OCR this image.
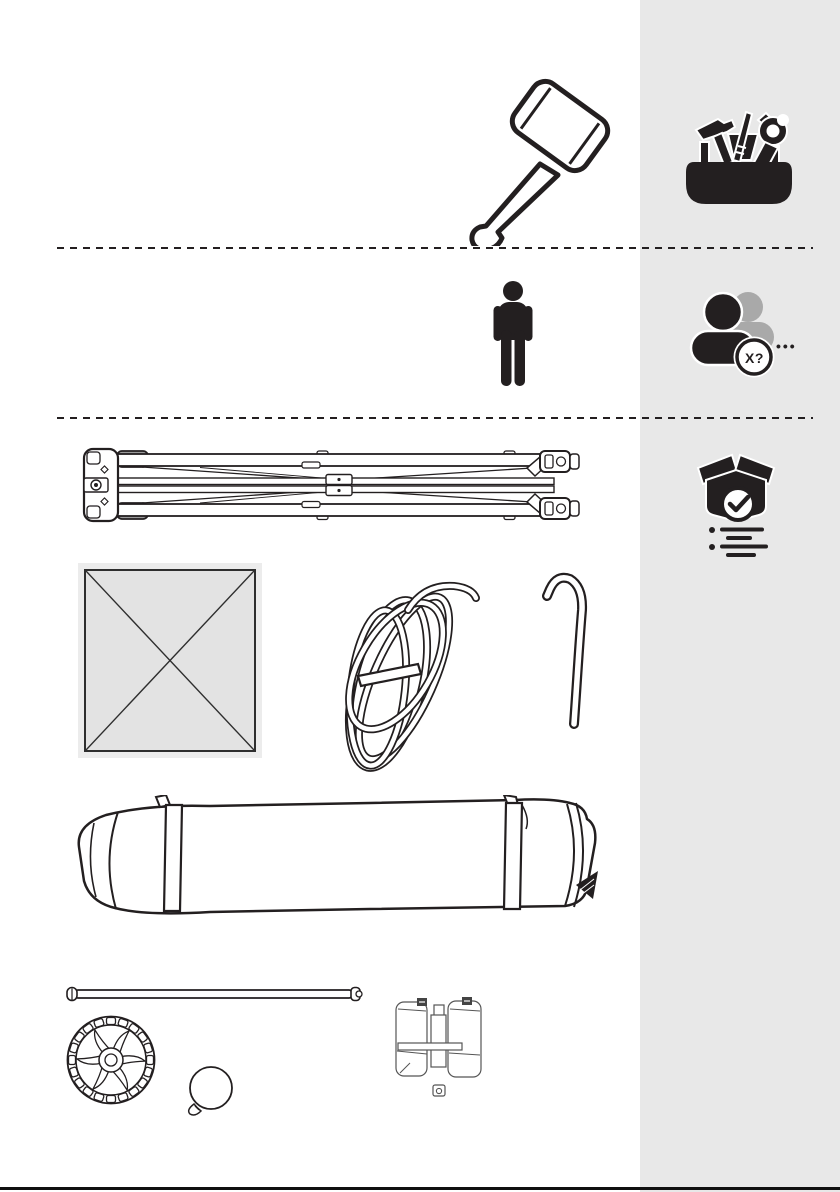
X?
•••
